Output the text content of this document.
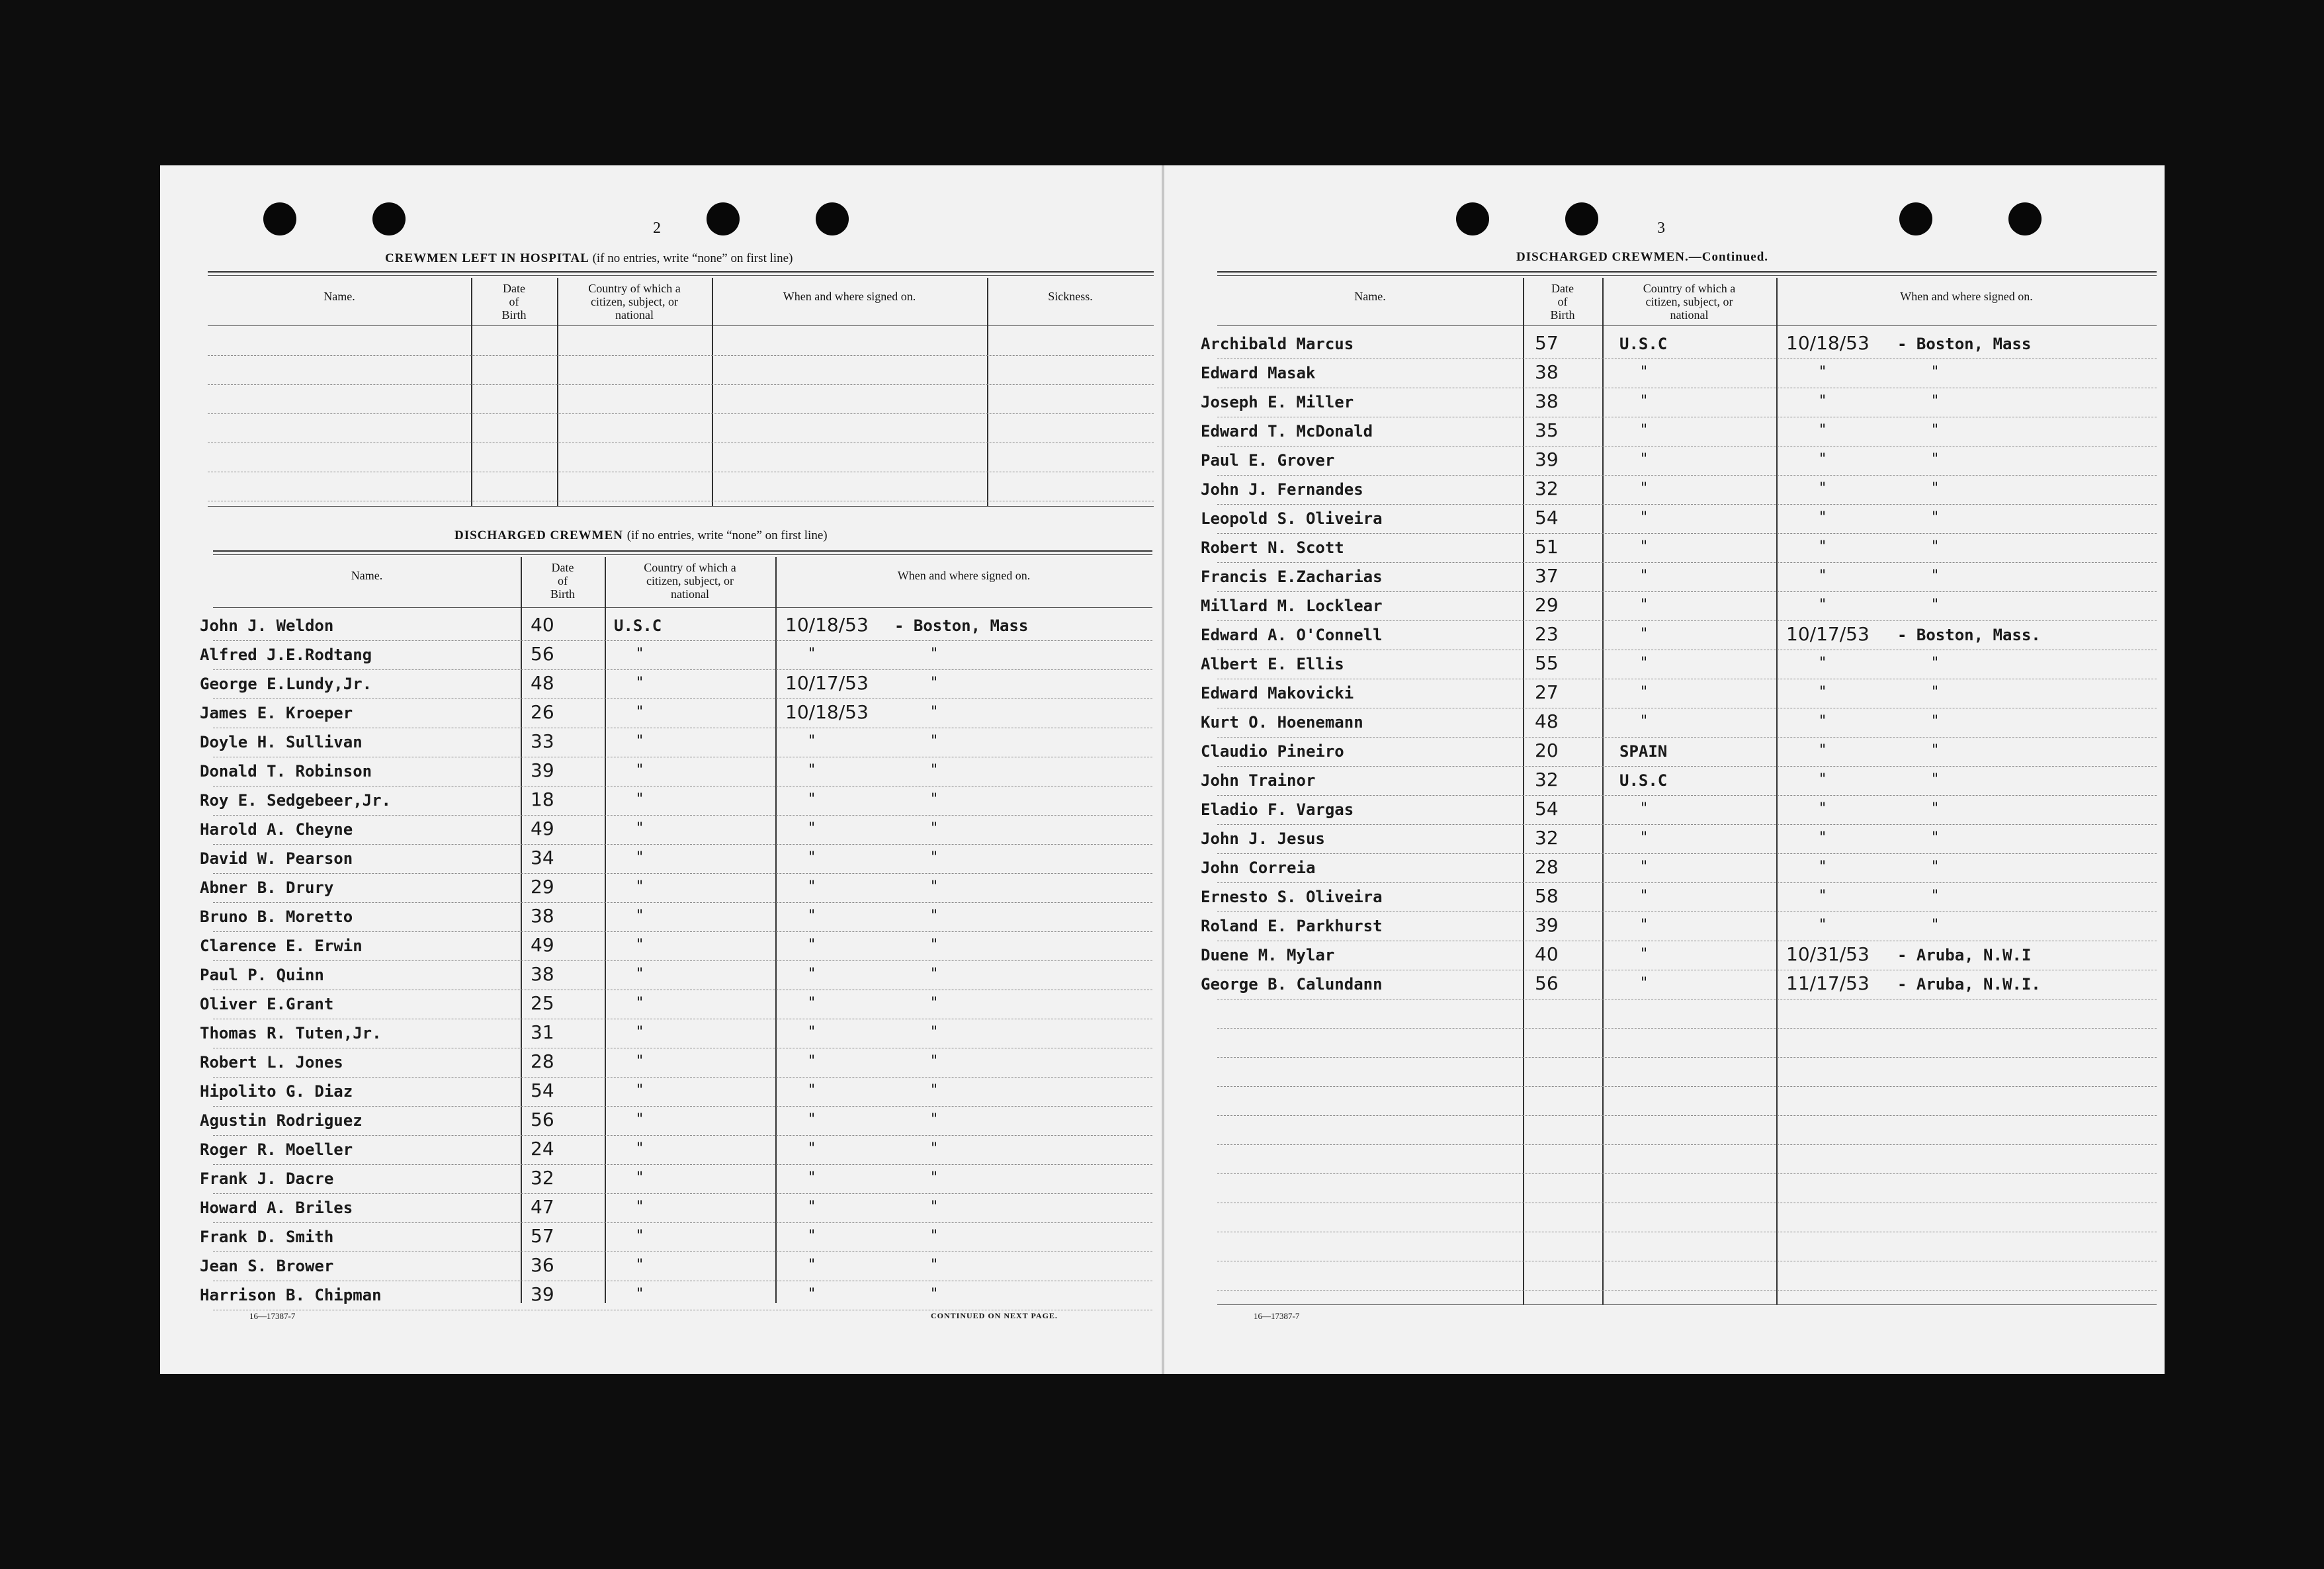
2
CREWMEN LEFT IN HOSPITAL (if no entries, write “none” on first line)
DISCHARGED CREWMEN (if no entries, write “none” on first line)
16—17387-7	CONTINUED ON NEXT PAGE.
Name.
Date
of
Birth
Country of which a
citizen, subject, or
national
When and where signed on.	Sickness.
Name.
Date
of
Birth
Country of which a
citizen, subject, or
national
When and where signed on.
John J. Weldon	40	U.S.C	10/18/53 - Boston, Mass
Alfred J.E.Rodtang	56	"	"	"
George E.Lundy,Jr.	48	"	10/17/53	"
James E. Kroeper	26	"	10/18/53	"
Doyle H. Sullivan	33	"	"	"
Donald T. Robinson	39	"	"	"
Roy E. Sedgebeer,Jr.	18	"	"	"
Harold A. Cheyne	49	"	"	"
David W. Pearson	34	"	"	"
Abner B. Drury	29	"	"	"
Bruno B. Moretto	38	"	"	"
Clarence E. Erwin	49	"	"	"
Paul P. Quinn	38	"	"	"
Oliver E.Grant	25	"	"	"
Thomas R. Tuten,Jr.	31	"	"	"
Robert L. Jones	28	"	"	"
Hipolito G. Diaz	54	"	"	"
Agustin Rodriguez	56	"	"	"
Roger R. Moeller	24	"	"	"
Frank J. Dacre	32	"	"	"
Howard A. Briles	47	"	"	"
Frank D. Smith	57	"	"	"
Jean S. Brower	36	"	"	"
Harrison B. Chipman	39	"	"	"
3
DISCHARGED CREWMEN.—Continued.
16—17387-7
Name.
Date
of
Birth
Country of which a
citizen, subject, or
national
When and where signed on.
Archibald Marcus	57	U.S.C	10/18/53 - Boston, Mass
Edward Masak	38	"	"	"
Joseph E. Miller	38	"	"	"
Edward T. McDonald	35	"	"	"
Paul E. Grover	39	"	"	"
John J. Fernandes	32	"	"	"
Leopold S. Oliveira	54	"	"	"
Robert N. Scott	51	"	"	"
Francis E.Zacharias	37	"	"	"
Millard M. Locklear	29	"	"	"
Edward A. O'Connell	23	"	10/17/53 - Boston, Mass.
Albert E. Ellis	55	"	"	"
Edward Makovicki	27	"	"	"
Kurt O. Hoenemann	48	"	"	"
Claudio Pineiro	20	SPAIN	"	"
John Trainor	32	U.S.C	"	"
Eladio F. Vargas	54	"	"	"
John J. Jesus	32	"	"	"
John Correia	28	"	"	"
Ernesto S. Oliveira	58	"	"	"
Roland E. Parkhurst	39	"	"	"
Duene M. Mylar	40	"	10/31/53 - Aruba, N.W.I
George B. Calundann	56	"	11/17/53 - Aruba, N.W.I.
